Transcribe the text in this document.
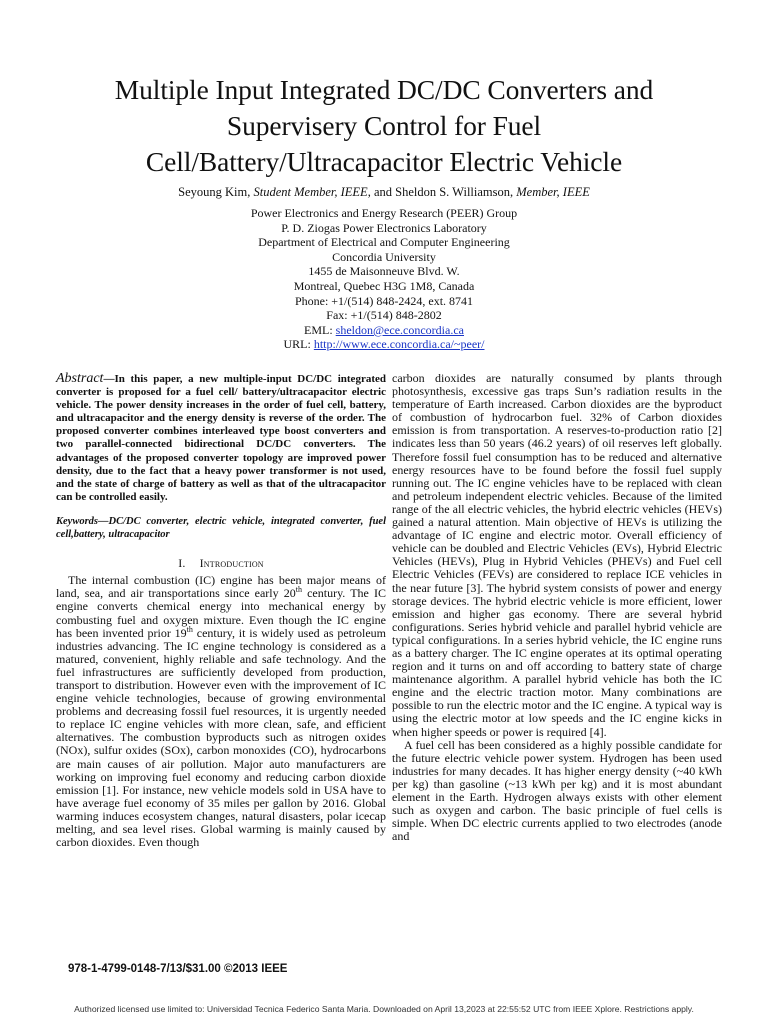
Multiple Input Integrated DC/DC Converters and
Supervisery Control for Fuel
Cell/Battery/Ultracapacitor Electric Vehicle
Seyoung Kim, Student Member, IEEE, and Sheldon S. Williamson, Member, IEEE
Power Electronics and Energy Research (PEER) Group
P. D. Ziogas Power Electronics Laboratory
Department of Electrical and Computer Engineering
Concordia University
1455 de Maisonneuve Blvd. W.
Montreal, Quebec H3G 1M8, Canada
Phone: +1/(514) 848-2424, ext. 8741
Fax: +1/(514) 848-2802
EML: sheldon@ece.concordia.ca
URL: http://www.ece.concordia.ca/~peer/

Abstract—In this paper, a new multiple-input DC/DC integrated converter is proposed for a fuel cell/ battery/ultracapacitor electric vehicle. The power density increases in the order of fuel cell, battery, and ultracapacitor and the energy density is reverse of the order. The proposed converter combines interleaved type boost converters and two parallel-connected bidirectional DC/DC converters. The advantages of the proposed converter topology are improved power density, due to the fact that a heavy power transformer is not used, and the state of charge of battery as well as that of the ultracapacitor can be controlled easily.

Keywords—DC/DC converter, electric vehicle, integrated converter, fuel cell,battery, ultracapacitor

I. Introduction

The internal combustion (IC) engine has been major means of land, sea, and air transportations since early 20th century. The IC engine converts chemical energy into mechanical energy by combusting fuel and oxygen mixture. Even though the IC engine has been invented prior 19th century, it is widely used as petroleum industries advancing. The IC engine technology is considered as a matured, convenient, highly reliable and safe technology. And the fuel infrastructures are sufficiently developed from production, transport to distribution. However even with the improvement of IC engine vehicle technologies, because of growing environmental problems and decreasing fossil fuel resources, it is urgently needed to replace IC engine vehicles with more clean, safe, and efficient alternatives. The combustion byproducts such as nitrogen oxides (NOx), sulfur oxides (SOx), carbon monoxides (CO), hydrocarbons are main causes of air pollution. Major auto manufacturers are working on improving fuel economy and reducing carbon dioxide emission [1]. For instance, new vehicle models sold in USA have to have average fuel economy of 35 miles per gallon by 2016. Global warming induces ecosystem changes, natural disasters, polar icecap melting, and sea level rises. Global warming is mainly caused by carbon dioxides. Even though

carbon dioxides are naturally consumed by plants through photosynthesis, excessive gas traps Sun’s radiation results in the temperature of Earth increased. Carbon dioxides are the byproduct of combustion of hydrocarbon fuel. 32% of Carbon dioxides emission is from transportation. A reserves-to-production ratio [2] indicates less than 50 years (46.2 years) of oil reserves left globally. Therefore fossil fuel consumption has to be reduced and alternative energy resources have to be found before the fossil fuel supply running out. The IC engine vehicles have to be replaced with clean and petroleum independent electric vehicles. Because of the limited range of the all electric vehicles, the hybrid electric vehicles (HEVs) gained a natural attention. Main objective of HEVs is utilizing the advantage of IC engine and electric motor. Overall efficiency of vehicle can be doubled and Electric Vehicles (EVs), Hybrid Electric Vehicles (HEVs), Plug in Hybrid Vehicles (PHEVs) and Fuel cell Electric Vehicles (FEVs) are considered to replace ICE vehicles in the near future [3]. The hybrid system consists of power and energy storage devices. The hybrid electric vehicle is more efficient, lower emission and higher gas economy. There are several hybrid configurations. Series hybrid vehicle and parallel hybrid vehicle are typical configurations. In a series hybrid vehicle, the IC engine runs as a battery charger. The IC engine operates at its optimal operating region and it turns on and off according to battery state of charge maintenance algorithm. A parallel hybrid vehicle has both the IC engine and the electric traction motor. Many combinations are possible to run the electric motor and the IC engine. A typical way is using the electric motor at low speeds and the IC engine kicks in when higher speeds or power is required [4].

A fuel cell has been considered as a highly possible candidate for the future electric vehicle power system. Hydrogen has been used industries for many decades. It has higher energy density (~40 kWh per kg) than gasoline (~13 kWh per kg) and it is most abundant element in the Earth. Hydrogen always exists with other element such as oxygen and carbon. The basic principle of fuel cells is simple. When DC electric currents applied to two electrodes (anode and

978-1-4799-0148-7/13/$31.00 ©2013 IEEE
Authorized licensed use limited to: Universidad Tecnica Federico Santa Maria. Downloaded on April 13,2023 at 22:55:52 UTC from IEEE Xplore. Restrictions apply.
